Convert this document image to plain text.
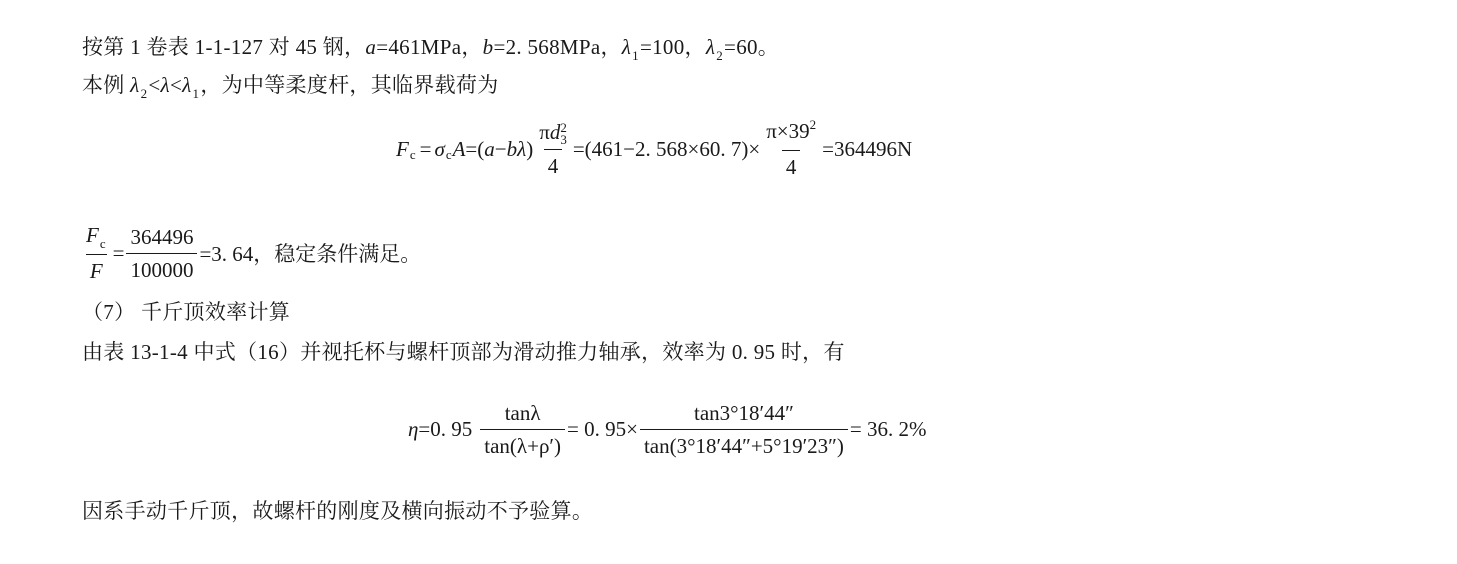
按第 1 卷表 1-1-127 对 45 钢，a=461MPa，b=2. 568MPa，$\lambda_1=100$，$\lambda_2=60$。
本例 $\lambda_2<\lambda<\lambda_1$，为中等柔度杆，其临界载荷为
F c = σ c A =( a − b λ ) πd 2
3
4 =(461−2. 568×60. $7)\times \frac{\pi\times 39^2}{4} =364496N$
$\frac{F_c}{F} = \frac{364496}{100000} =3$. 64，稳定条件满足。
（7） 千斤顶效率计算
由表 13-1-4 中式（16）并视托杯与螺杆顶部为滑动推力轴承，效率为 0. 95 时，有
η =0. $95 \frac{\tan\lambda}{\tan(\lambda+\rho')} = 0$. $95\times \frac{\tan 3^\circ 18'44''}{\tan(3^\circ 18'44''+5^\circ 19'23'')} = 36$. 2%
因系手动千斤顶，故螺杆的刚度及横向振动不予验算。
